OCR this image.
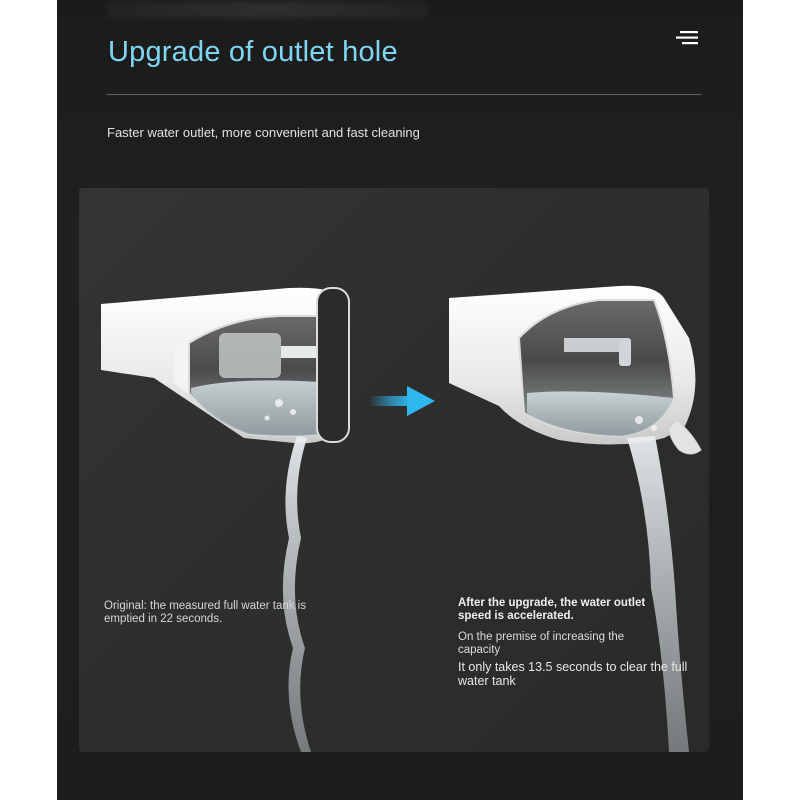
Upgrade of outlet hole
Faster water outlet, more convenient and fast cleaning
Original: the measured full water tank is emptied in 22 seconds.
After the upgrade, the water outlet speed is accelerated.
On the premise of increasing the capacity
It only takes 13.5 seconds to clear the full water tank
